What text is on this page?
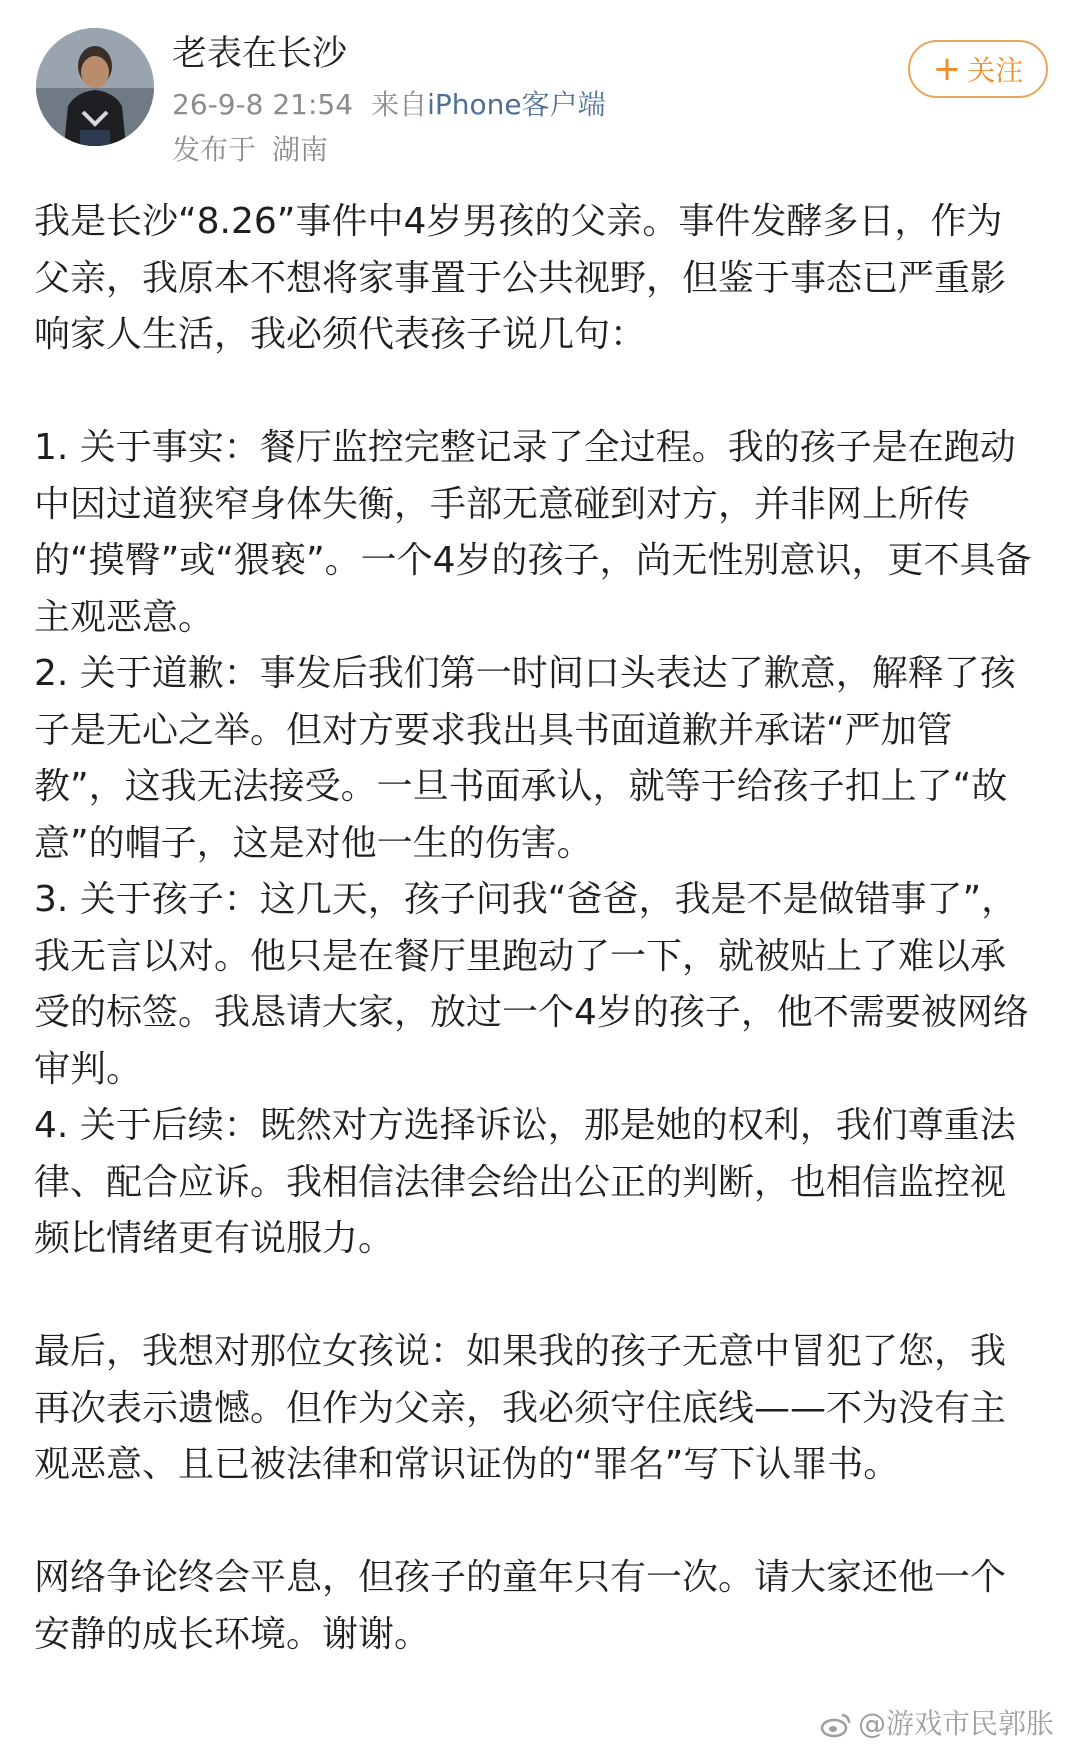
老表在长沙
26-9-8 21:54 来自iPhone客户端
发布于 湖南
+ 关注

我是长沙“8.26”事件中4岁男孩的父亲。事件发酵多日，作为父亲，我原本不想将家事置于公共视野，但鉴于事态已严重影响家人生活，我必须代表孩子说几句：

1. 关于事实：餐厅监控完整记录了全过程。我的孩子是在跑动中因过道狭窄身体失衡，手部无意碰到对方，并非网上所传的“摸臀”或“猥亵”。一个4岁的孩子，尚无性别意识，更不具备主观恶意。

2. 关于道歉：事发后我们第一时间口头表达了歉意，解释了孩子是无心之举。但对方要求我出具书面道歉并承诺“严加管教”，这我无法接受。一旦书面承认，就等于给孩子扣上了“故意”的帽子，这是对他一生的伤害。

3. 关于孩子：这几天，孩子问我“爸爸，我是不是做错事了”，我无言以对。他只是在餐厅里跑动了一下，就被贴上了难以承受的标签。我恳请大家，放过一个4岁的孩子，他不需要被网络审判。

4. 关于后续：既然对方选择诉讼，那是她的权利，我们尊重法律、配合应诉。我相信法律会给出公正的判断，也相信监控视频比情绪更有说服力。

最后，我想对那位女孩说：如果我的孩子无意中冒犯了您，我再次表示遗憾。但作为父亲，我必须守住底线——不为没有主观恶意、且已被法律和常识证伪的“罪名”写下认罪书。

网络争论终会平息，但孩子的童年只有一次。请大家还他一个安静的成长环境。谢谢。

@游戏市民郭胀
